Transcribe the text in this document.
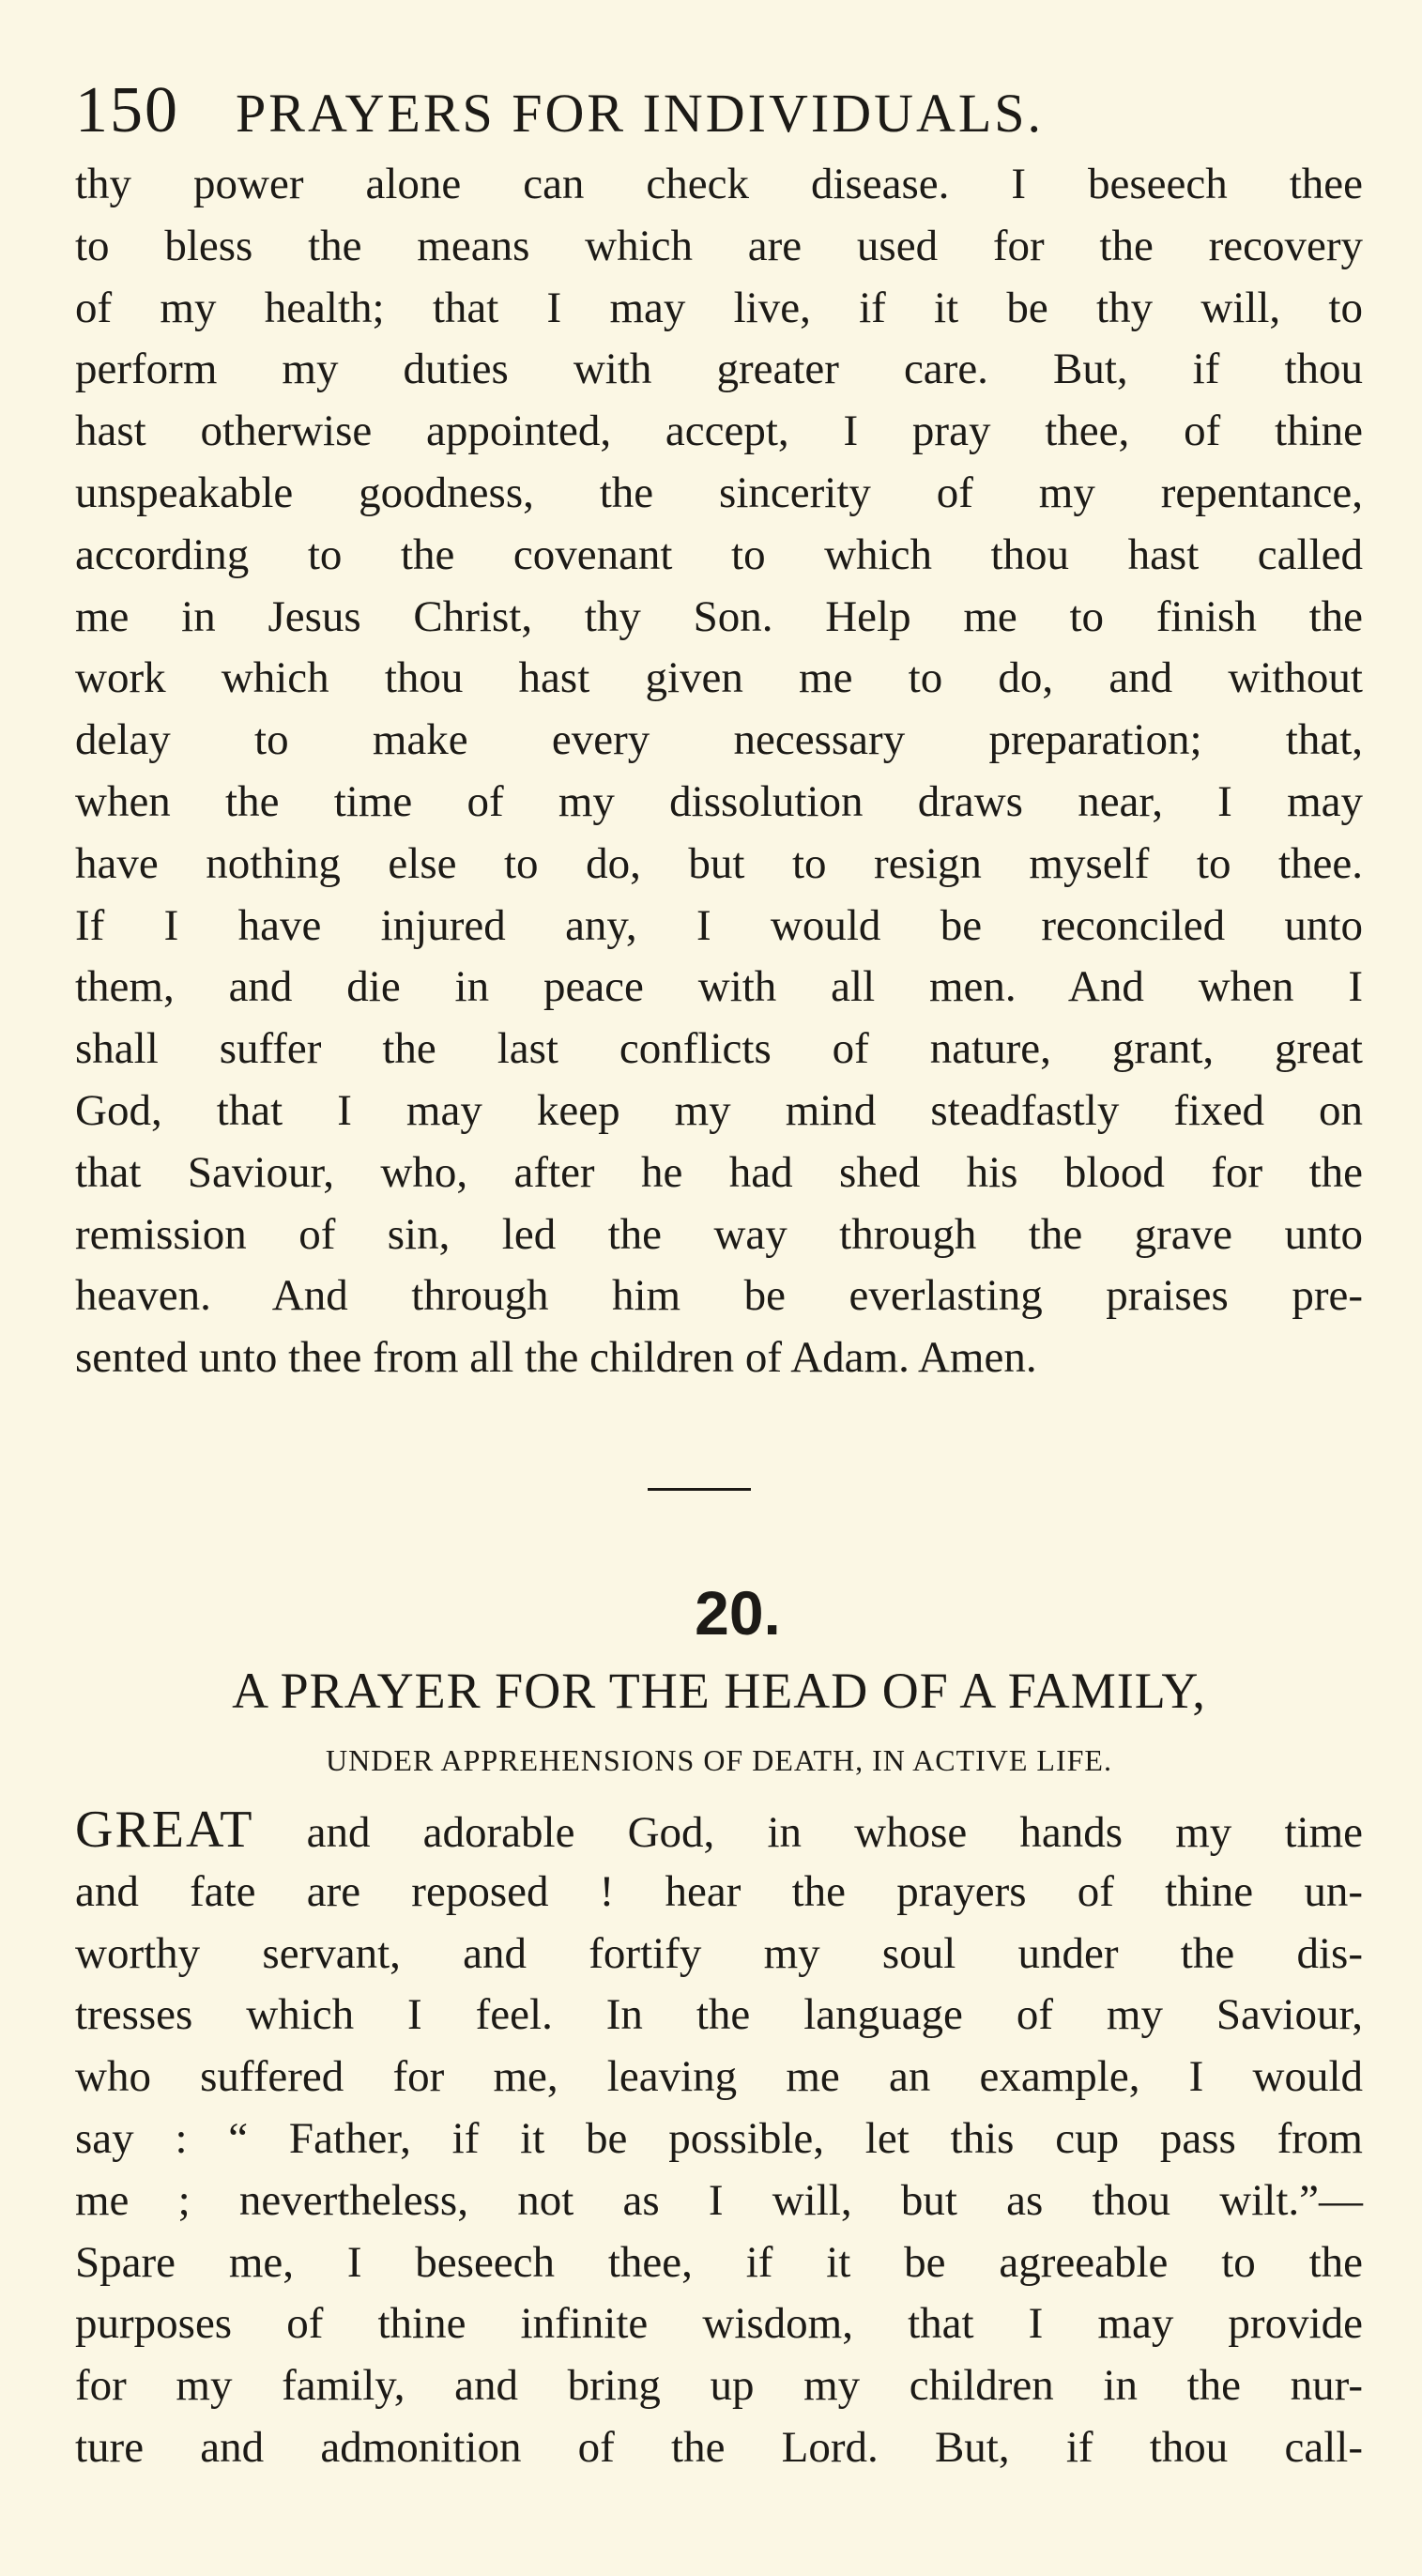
150 PRAYERS FOR INDIVIDUALS.
thy power alone can check disease. I beseech thee
to bless the means which are used for the recovery
of my health; that I may live, if it be thy will, to
perform my duties with greater care. But, if thou
hast otherwise appointed, accept, I pray thee, of thine
unspeakable goodness, the sincerity of my repentance,
according to the covenant to which thou hast called
me in Jesus Christ, thy Son. Help me to finish the
work which thou hast given me to do, and without
delay to make every necessary preparation; that,
when the time of my dissolution draws near, I may
have nothing else to do, but to resign myself to thee.
If I have injured any, I would be reconciled unto
them, and die in peace with all men. And when I
shall suffer the last conflicts of nature, grant, great
God, that I may keep my mind steadfastly fixed on
that Saviour, who, after he had shed his blood for the
remission of sin, led the way through the grave unto
heaven. And through him be everlasting praises pre-
sented unto thee from all the children of Adam. Amen.
20.
A PRAYER FOR THE HEAD OF A FAMILY,
UNDER APPREHENSIONS OF DEATH, IN ACTIVE LIFE.
GREAT and adorable God, in whose hands my time
and fate are reposed ! hear the prayers of thine un-
worthy servant, and fortify my soul under the dis-
tresses which I feel. In the language of my Saviour,
who suffered for me, leaving me an example, I would
say : “ Father, if it be possible, let this cup pass from
me ; nevertheless, not as I will, but as thou wilt.”—
Spare me, I beseech thee, if it be agreeable to the
purposes of thine infinite wisdom, that I may provide
for my family, and bring up my children in the nur-
ture and admonition of the Lord. But, if thou call-
